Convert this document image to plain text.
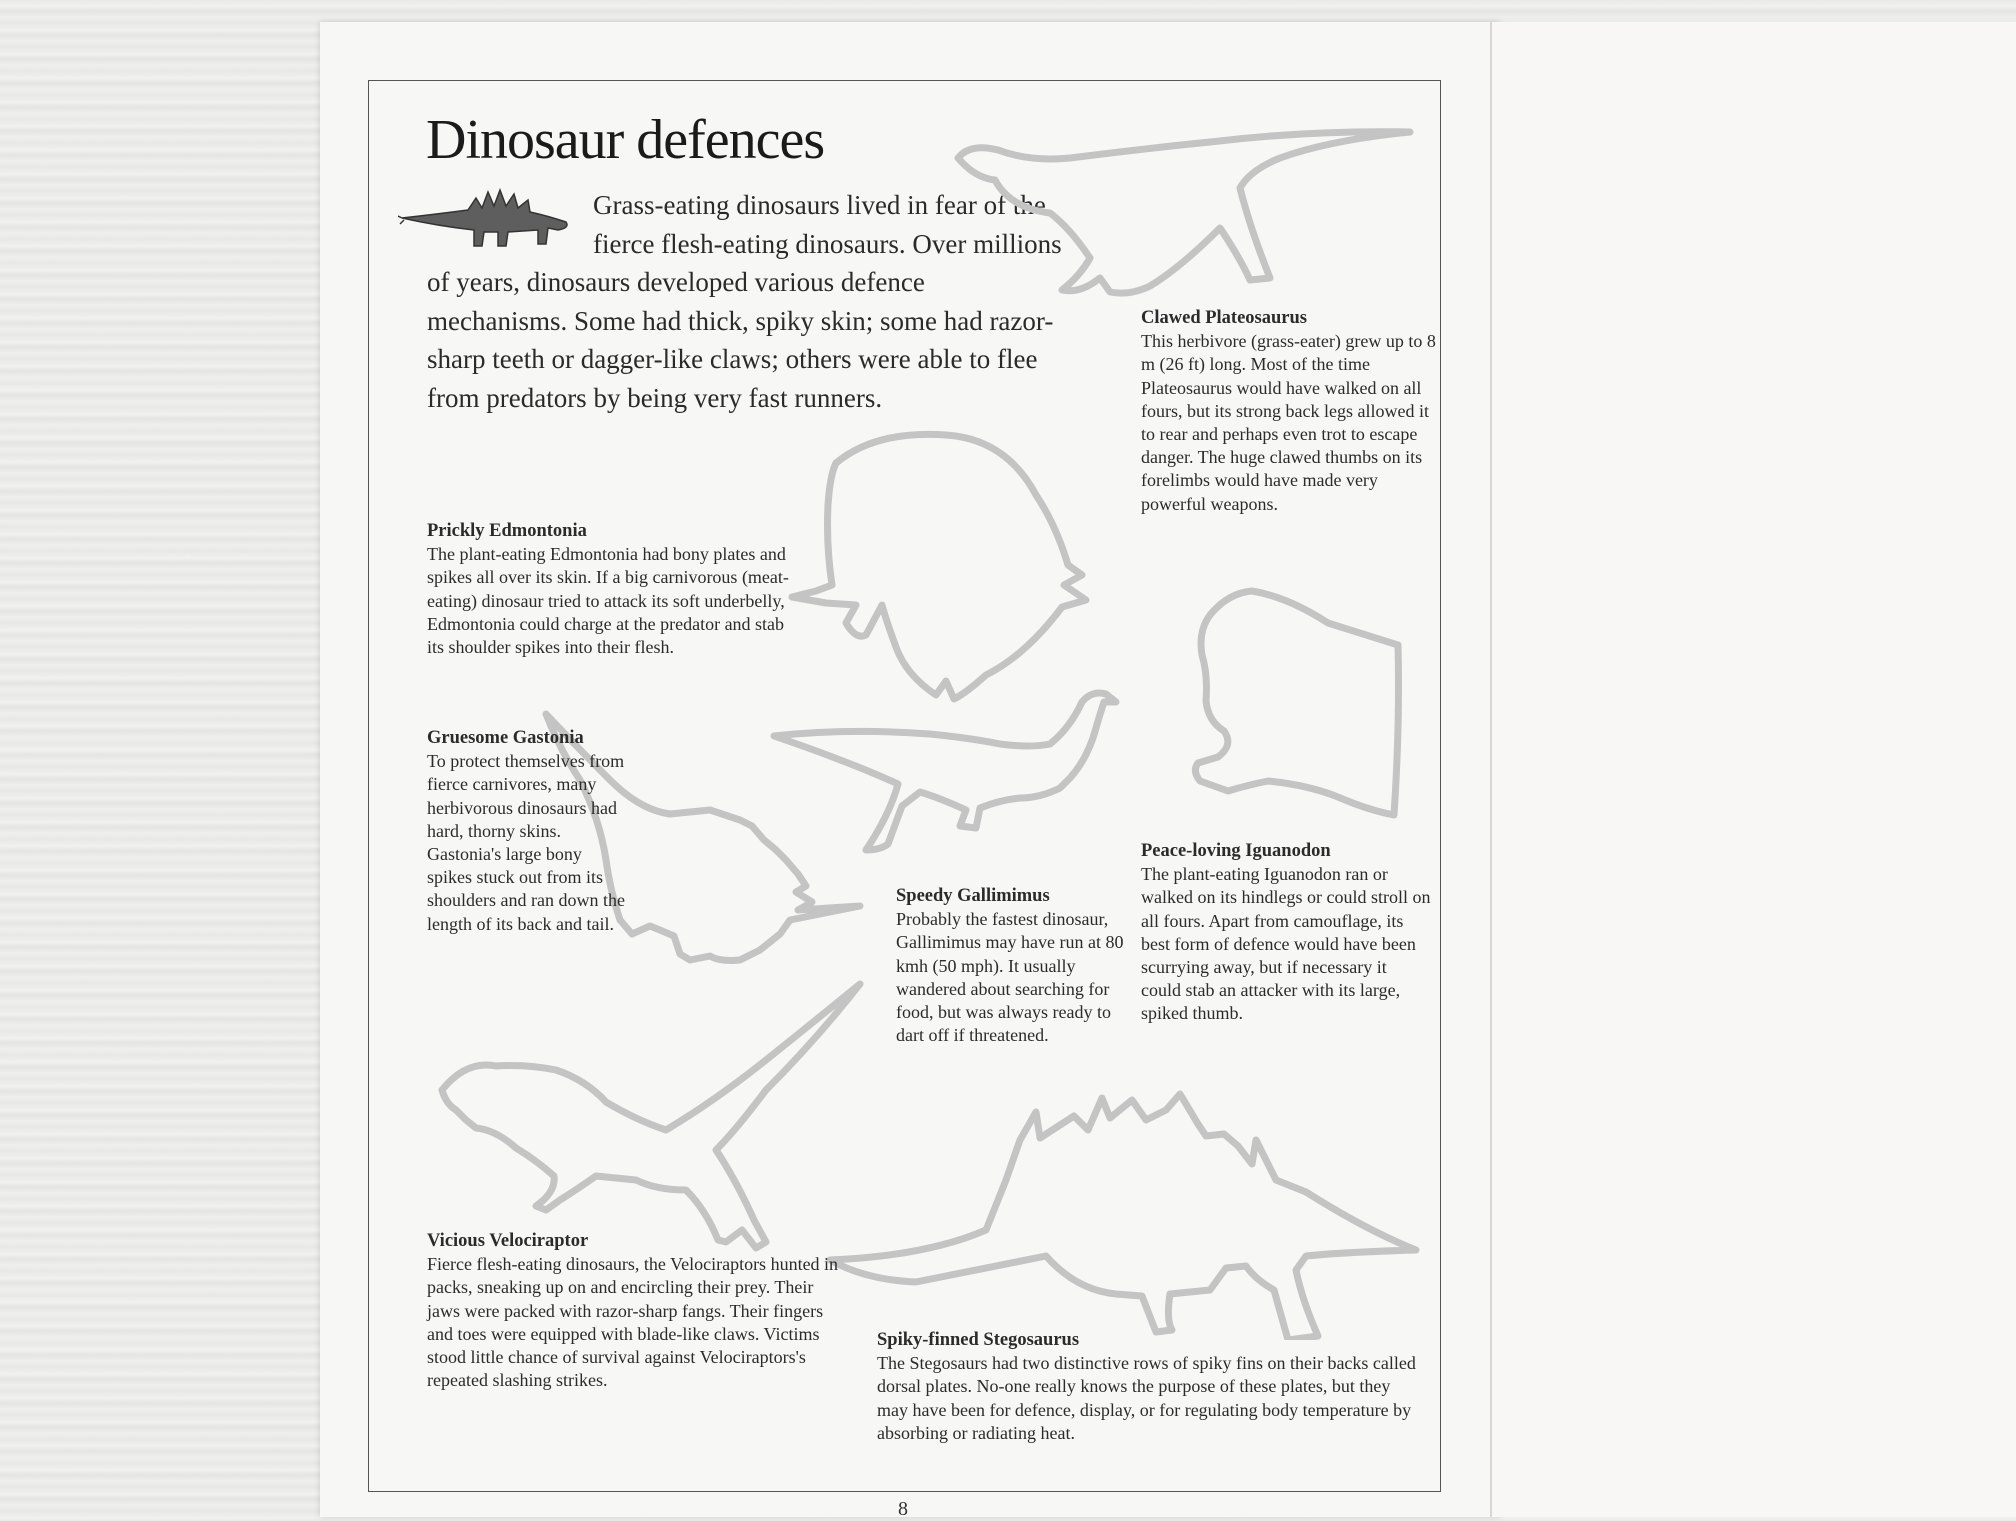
Dinosaur defences

Grass-eating dinosaurs lived in fear of the fierce flesh-eating dinosaurs. Over millions of years, dinosaurs developed various defence mechanisms. Some had thick, spiky skin; some had razor-sharp teeth or dagger-like claws; others were able to flee from predators by being very fast runners.

Clawed Plateosaurus
This herbivore (grass-eater) grew up to 8 m (26 ft) long. Most of the time Plateosaurus would have walked on all fours, but its strong back legs allowed it to rear and perhaps even trot to escape danger. The huge clawed thumbs on its forelimbs would have made very powerful weapons.
Prickly Edmontonia
The plant-eating Edmontonia had bony plates and spikes all over its skin. If a big carnivorous (meat-eating) dinosaur tried to attack its soft underbelly, Edmontonia could charge at the predator and stab its shoulder spikes into their flesh.
Gruesome Gastonia
To protect themselves from fierce carnivores, many herbivorous dinosaurs had hard, thorny skins. Gastonia's large bony spikes stuck out from its shoulders and ran down the length of its back and tail.
Speedy Gallimimus
Probably the fastest dinosaur, Gallimimus may have run at 80 kmh (50 mph). It usually wandered about searching for food, but was always ready to dart off if threatened.
Peace-loving Iguanodon
The plant-eating Iguanodon ran or walked on its hindlegs or could stroll on all fours. Apart from camouflage, its best form of defence would have been scurrying away, but if necessary it could stab an attacker with its large, spiked thumb.
Vicious Velociraptor
Fierce flesh-eating dinosaurs, the Velociraptors hunted in packs, sneaking up on and encircling their prey. Their jaws were packed with razor-sharp fangs. Their fingers and toes were equipped with blade-like claws. Victims stood little chance of survival against Velociraptors's repeated slashing strikes.
Spiky-finned Stegosaurus
The Stegosaurs had two distinctive rows of spiky fins on their backs called dorsal plates. No-one really knows the purpose of these plates, but they may have been for defence, display, or for regulating body temperature by absorbing or radiating heat.
8
